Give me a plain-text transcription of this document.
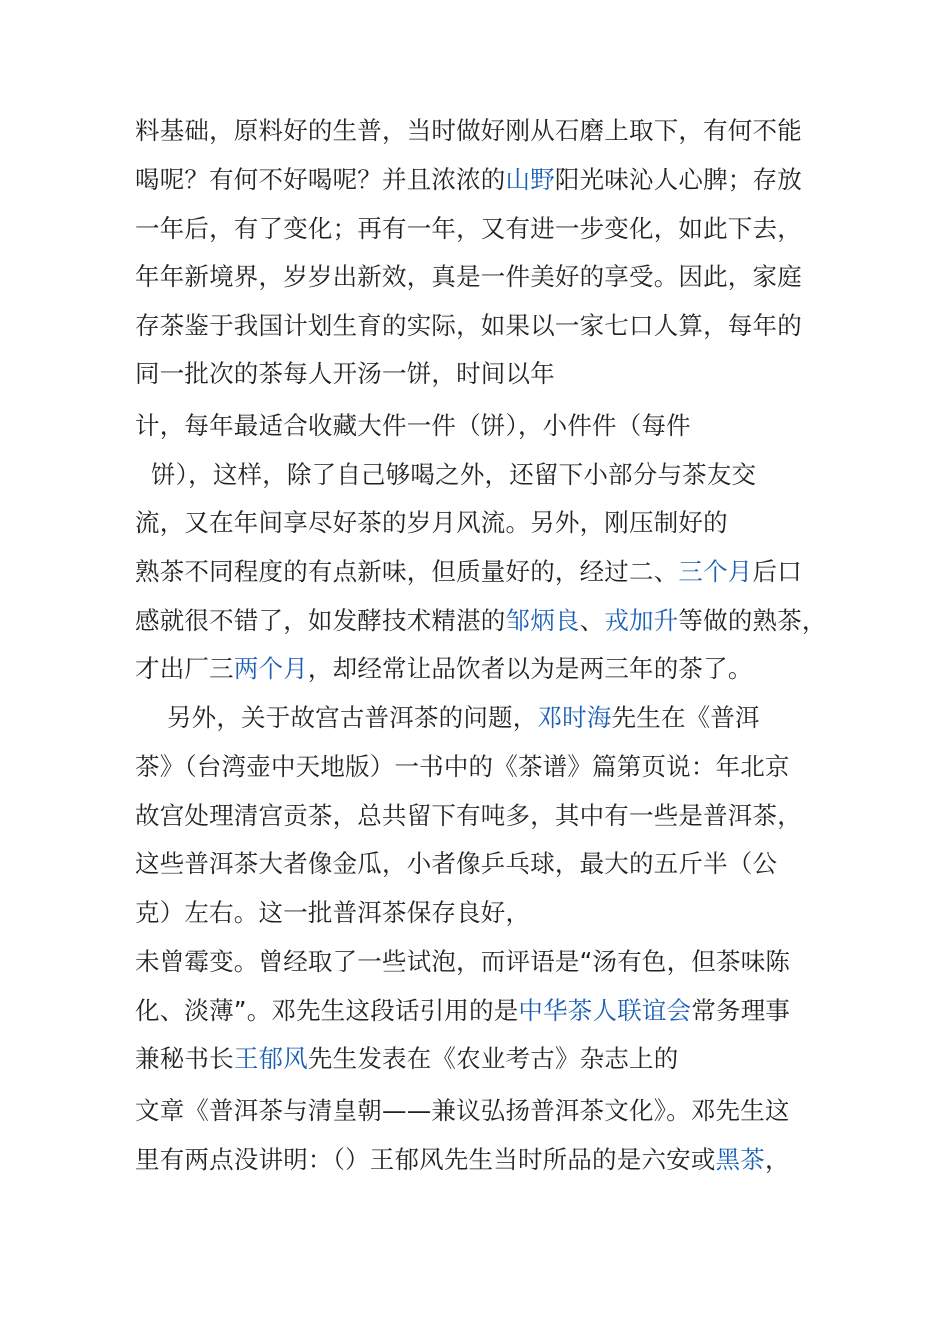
料基础，原料好的生普，当时做好刚从石磨上取下，有何不能
喝呢？有何不好喝呢？并且浓浓的山野阳光味沁人心脾；存放
一年后，有了变化；再有一年，又有进一步变化，如此下去，
年年新境界，岁岁出新效，真是一件美好的享受。因此，家庭
存茶鉴于我国计划生育的实际，如果以一家七口人算，每年的
同一批次的茶每人开汤一饼，时间以年
计，每年最适合收藏大件一件（饼），小件件（每件
饼），这样，除了自己够喝之外，还留下小部分与茶友交
流，又在年间享尽好茶的岁月风流。另外，刚压制好的
熟茶不同程度的有点新味，但质量好的，经过二、三个月后口
感就很不错了，如发酵技术精湛的邹炳良、戎加升等做的熟茶，
才出厂三两个月，却经常让品饮者以为是两三年的茶了。
另外，关于故宫古普洱茶的问题，邓时海先生在《普洱
茶》（台湾壶中天地版）一书中的《茶谱》篇第页说：年北京
故宫处理清宫贡茶，总共留下有吨多，其中有一些是普洱茶，
这些普洱茶大者像金瓜，小者像乒乓球，最大的五斤半（公
克）左右。这一批普洱茶保存良好，
未曾霉变。曾经取了一些试泡，而评语是“汤有色，但茶味陈
化、淡薄”。邓先生这段话引用的是中华茶人联谊会常务理事
兼秘书长王郁风先生发表在《农业考古》杂志上的
文章《普洱茶与清皇朝——兼议弘扬普洱茶文化》。邓先生这
里有两点没讲明：（）王郁风先生当时所品的是六安或黑茶，
